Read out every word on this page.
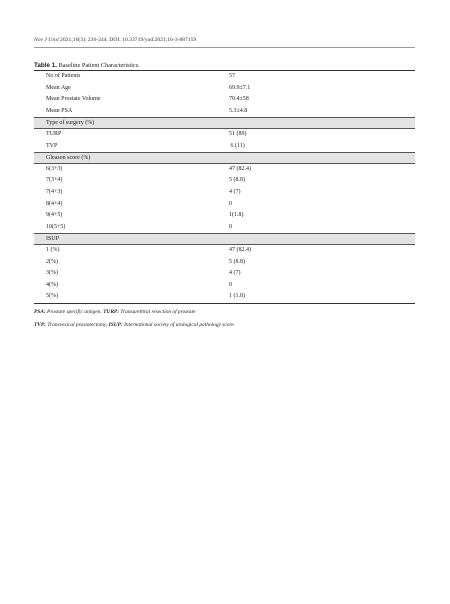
Nov J Urol 2021;16(3): 236-244. DOI: 10.33719/yud.2021;16-3-887159
Table 1. Baseline Patient Characteristics.
No of Patients	57
Mean Age	69.9±7.1
Mean Prostate Volume	70.4±58
Mean PSA	5.3±4.8
Type of surgery (%)
TURP	51 (89)
TVP	6 (11)
Gleason score (%)
6(3+3)	47 (82.4)
7(3+4)	5 (8.8)
7(4+3)	4 (7)
8(4+4)	0
9(4+5)	1(1.8)
10(5+5)	0
ISUP
1 (%)	47 (82.4)
2(%)	5 (8.8)
3(%)	4 (7)
4(%)	0
5(%)	1 (1.8)
PSA: Prostate specific antigen, TURP: Transurethral resection of prostate
TVP: Transvesical prostatectomy, ISUP: International society of urological pathology score
